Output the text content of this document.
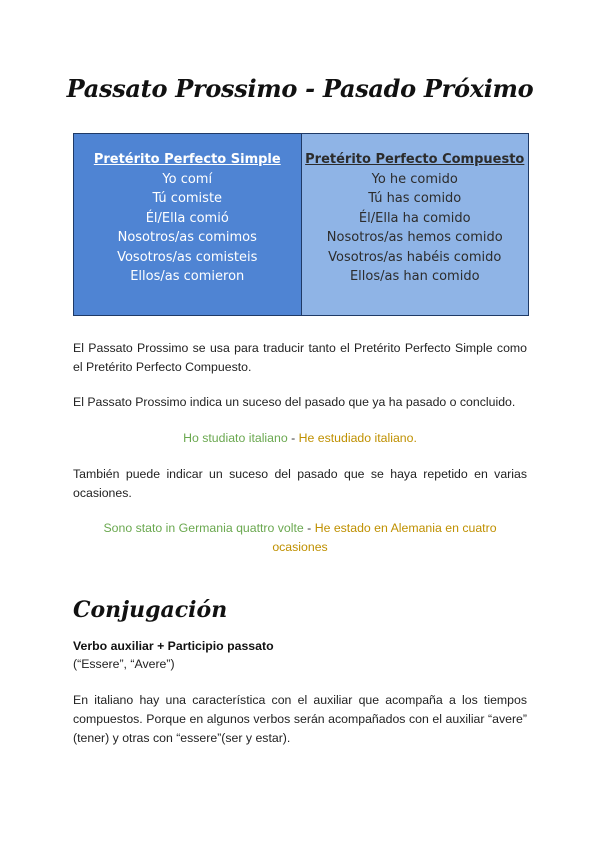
Passato Prossimo - Pasado Próximo
Pretérito Perfecto Simple
Yo comí
Tú comiste
Él/Ella comió
Nosotros/as comimos
Vosotros/as comisteis
Ellos/as comieron
Pretérito Perfecto Compuesto
Yo he comido
Tú has comido
Él/Ella ha comido
Nosotros/as hemos comido
Vosotros/as habéis comido
Ellos/as han comido
El Passato Prossimo se usa para traducir tanto el Pretérito Perfecto Simple como el Pretérito Perfecto Compuesto.
El Passato Prossimo indica un suceso del pasado que ya ha pasado o concluido.
Ho studiato italiano - He estudiado italiano.
También puede indicar un suceso del pasado que se haya repetido en varias ocasiones.
Sono stato in Germania quattro volte - He estado en Alemania en cuatro ocasiones
Conjugación
Verbo auxiliar + Participio passato
(“Essere”, “Avere”)
En italiano hay una característica con el auxiliar que acompaña a los tiempos compuestos. Porque en algunos verbos serán acompañados con el auxiliar “avere” (tener) y otras con “essere”(ser y estar).
